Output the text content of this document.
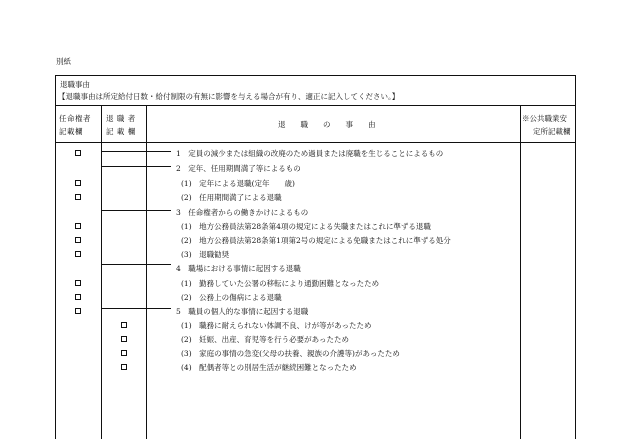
別紙
退職事由
【退職事由は所定給付日数・給付制限の有無に影響を与える場合が有り、適正に記入してください。】
任命権者
記載欄
退 職 者
記 載 欄
退　　職　　の　　事　　由
※公共職業安
定所記載欄
1　定員の減少または組織の改廃のため過員または廃職を生じることによるもの
2　定年、任用期間満了等によるもの
(1)　定年による退職(定年　　歳)
(2)　任用期間満了による退職
3　任命権者からの働きかけによるもの
(1)　地方公務員法第28条第4項の規定による失職またはこれに準ずる退職
(2)　地方公務員法第28条第1項第2号の規定による免職またはこれに準ずる処分
(3)　退職勧奨
4　職場における事情に起因する退職
(1)　勤務していた公署の移転により通勤困難となったため
(2)　公務上の傷病による退職
5　職員の個人的な事情に起因する退職
(1)　職務に耐えられない体調不良、けが等があったため
(2)　妊娠、出産、育児等を行う必要があったため
(3)　家庭の事情の急変(父母の扶養、親族の介護等)があったため
(4)　配偶者等との別居生活が継続困難となったため
